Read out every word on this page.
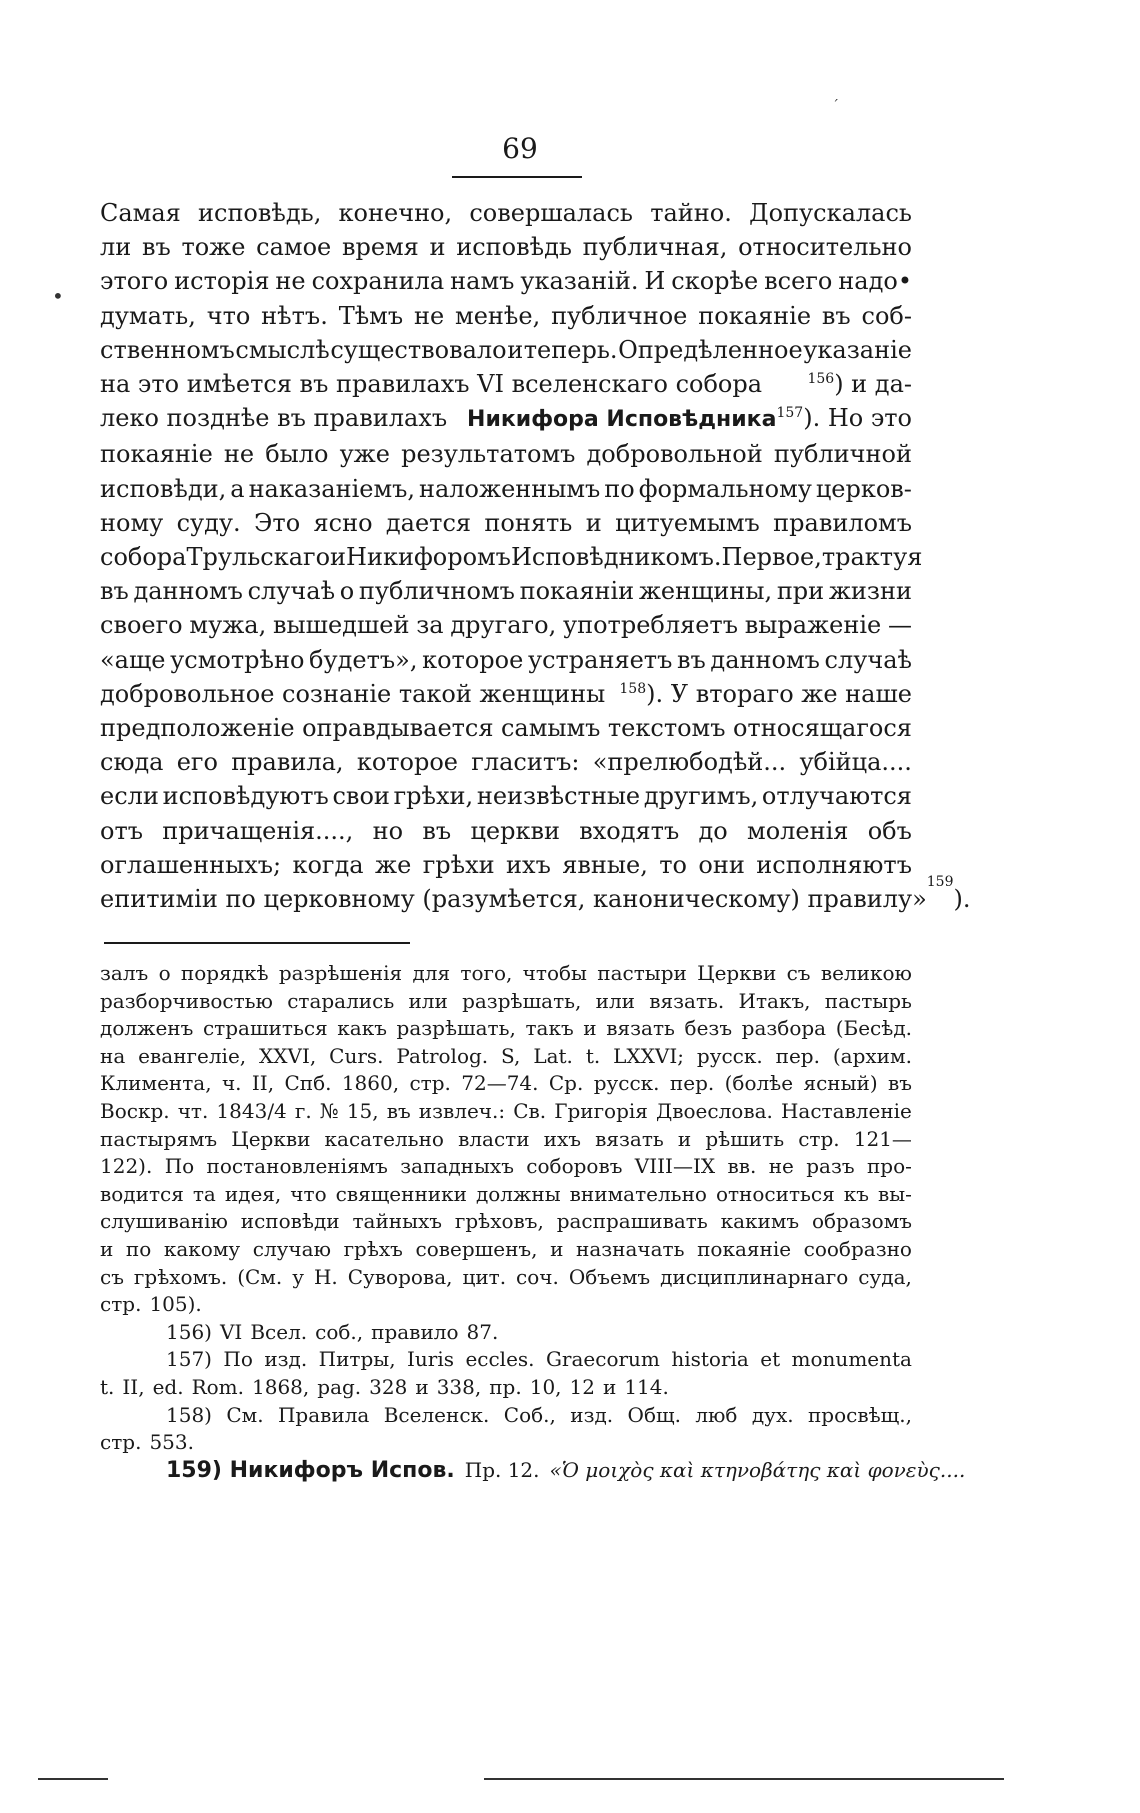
69
Самая исповѣдь, конечно, совершалась тайно. Допускалась
ли въ тоже самое время и исповѣдь публичная, относительно
этого исторія не сохранила намъ указаній. И скорѣе всего надо•
думать, что нѣтъ. Тѣмъ не менѣе, публичное покаяніе въ соб-
ственномъ смыслѣ существовало и теперь. Опредѣленное указаніе
на это имѣется въ правилахъ VI вселенскаго собора	$^{156}$) и да-
леко позднѣе въ правилахъ Никифора Исповѣдника$^{157}$). Но это
покаяніе не было уже результатомъ добровольной публичной
исповѣди, а наказаніемъ, наложеннымъ по формальному церков-
ному суду. Это ясно дается понять и цитуемымъ правиломъ
собора Трульскаго и Никифоромъ Исповѣдникомъ. Первое, трактуя
въ данномъ случаѣ о публичномъ покаяніи женщины, при жизни
своего мужа, вышедшей за другаго, употребляетъ выраженіе —
«аще усмотрѣно будетъ», которое устраняетъ въ данномъ случаѣ
добровольное сознаніе такой женщины $^{158}$). У втораго же наше
предположеніе оправдывается самымъ текстомъ относящагося
сюда его правила, которое гласитъ: «прелюбодѣй... убійца....
если исповѣдуютъ свои грѣхи, неизвѣстные другимъ, отлучаются
отъ причащенія...., но въ церкви входятъ до моленія объ
оглашенныхъ; когда же грѣхи ихъ явные, то они исполняютъ
епитиміи по церковному (разумѣется, каноническому) правилу»
159
).
залъ о порядкѣ разрѣшенія для того, чтобы пастыри Церкви съ великою
разборчивостью старались или разрѣшать, или вязать. Итакъ, пастырь
долженъ страшиться какъ разрѣшать, такъ и вязать безъ разбора (Бесѣд.
на евангеліе, XXVI, Curs. Patrolog. S, Lat. t. LXXVI; русск. пер. (архим.
Климента, ч. II, Спб. 1860, стр. 72—74. Ср. русск. пер. (болѣе ясный) въ
Воскр. чт. 1843/4 г. № 15, въ извлеч.: Св. Григорія Двоеслова. Наставленіе
пастырямъ Церкви касательно власти ихъ вязать и рѣшить стр. 121—
122). По постановленіямъ западныхъ соборовъ VIII—IX вв. не разъ про-
водится та идея, что священники должны внимательно относиться къ вы-
слушиванію исповѣди тайныхъ грѣховъ, распрашивать какимъ образомъ
и по какому случаю грѣхъ совершенъ, и назначать покаяніе сообразно
съ грѣхомъ. (См. у Н. Суворова, цит. соч. Объемъ дисциплинарнаго суда,
стр. 105).
156) VI Всел. соб., правило 87.
157) По изд. Питры, Iuris eccles. Graecorum historia et monumenta
t. II, ed. Rom. 1868, pag. 328 и 338, пр. 10, 12 и 114.
158) См. Правила Вселенск. Соб., изд. Общ. люб дух. просвѣщ.,
стр. 553.
159) Никифоръ Испов. Пр. 12. «Ὁ μοιχὸς καὶ κτηνοβάτης καὶ φονεὺς....
•
ˊ
